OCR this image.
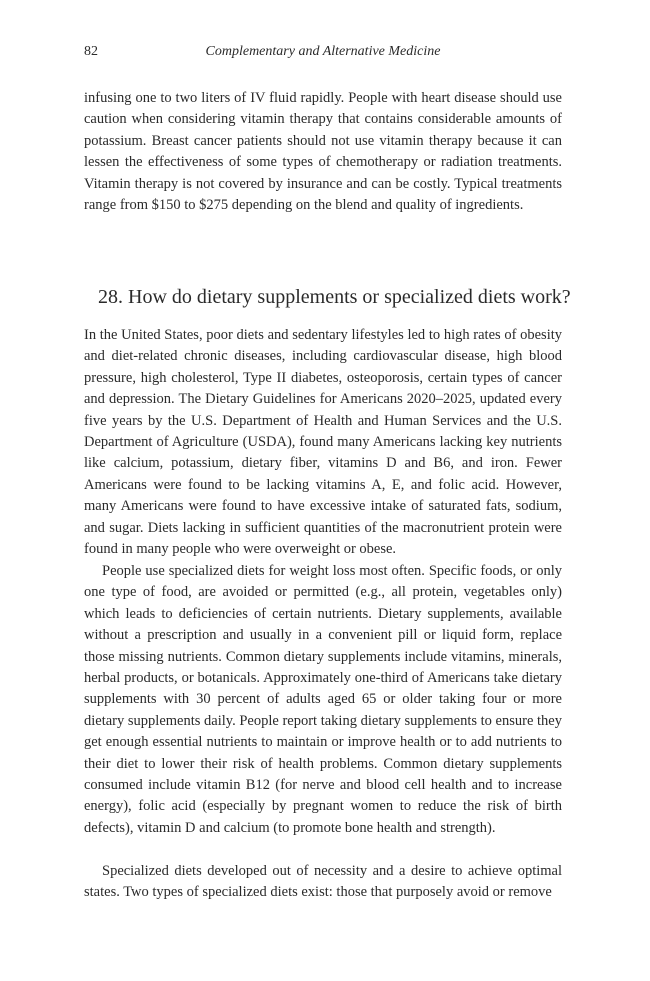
82	Complementary and Alternative Medicine

infusing one to two liters of IV fluid rapidly. People with heart disease should use caution when considering vitamin therapy that contains considerable amounts of potassium. Breast cancer patients should not use vitamin therapy because it can lessen the effectiveness of some types of chemotherapy or radiation treatments. Vitamin therapy is not covered by insurance and can be costly. Typical treatments range from $150 to $275 depending on the blend and quality of ingredients.

28. How do dietary supplements or specialized diets work?

In the United States, poor diets and sedentary lifestyles led to high rates of obesity and diet-related chronic diseases, including cardiovascular disease, high blood pressure, high cholesterol, Type II diabetes, osteoporosis, certain types of cancer and depression. The Dietary Guidelines for Americans 2020–2025, updated every five years by the U.S. Department of Health and Human Services and the U.S. Department of Agriculture (USDA), found many Americans lacking key nutrients like calcium, potassium, dietary fiber, vitamins D and B6, and iron. Fewer Americans were found to be lacking vitamins A, E, and folic acid. However, many Americans were found to have excessive intake of saturated fats, sodium, and sugar. Diets lacking in sufficient quantities of the macronutrient protein were found in many people who were overweight or obese.

People use specialized diets for weight loss most often. Specific foods, or only one type of food, are avoided or permitted (e.g., all protein, vegetables only) which leads to deficiencies of certain nutrients. Dietary supplements, available without a prescription and usually in a convenient pill or liquid form, replace those missing nutrients. Common dietary supplements include vitamins, minerals, herbal products, or botanicals. Approximately one-third of Americans take dietary supplements with 30 percent of adults aged 65 or older taking four or more dietary supplements daily. People report taking dietary supplements to ensure they get enough essential nutrients to maintain or improve health or to add nutrients to their diet to lower their risk of health problems. Common dietary supplements consumed include vitamin B12 (for nerve and blood cell health and to increase energy), folic acid (especially by pregnant women to reduce the risk of birth defects), vitamin D and calcium (to promote bone health and strength).

Specialized diets developed out of necessity and a desire to achieve optimal states. Two types of specialized diets exist: those that purposely avoid or remove
